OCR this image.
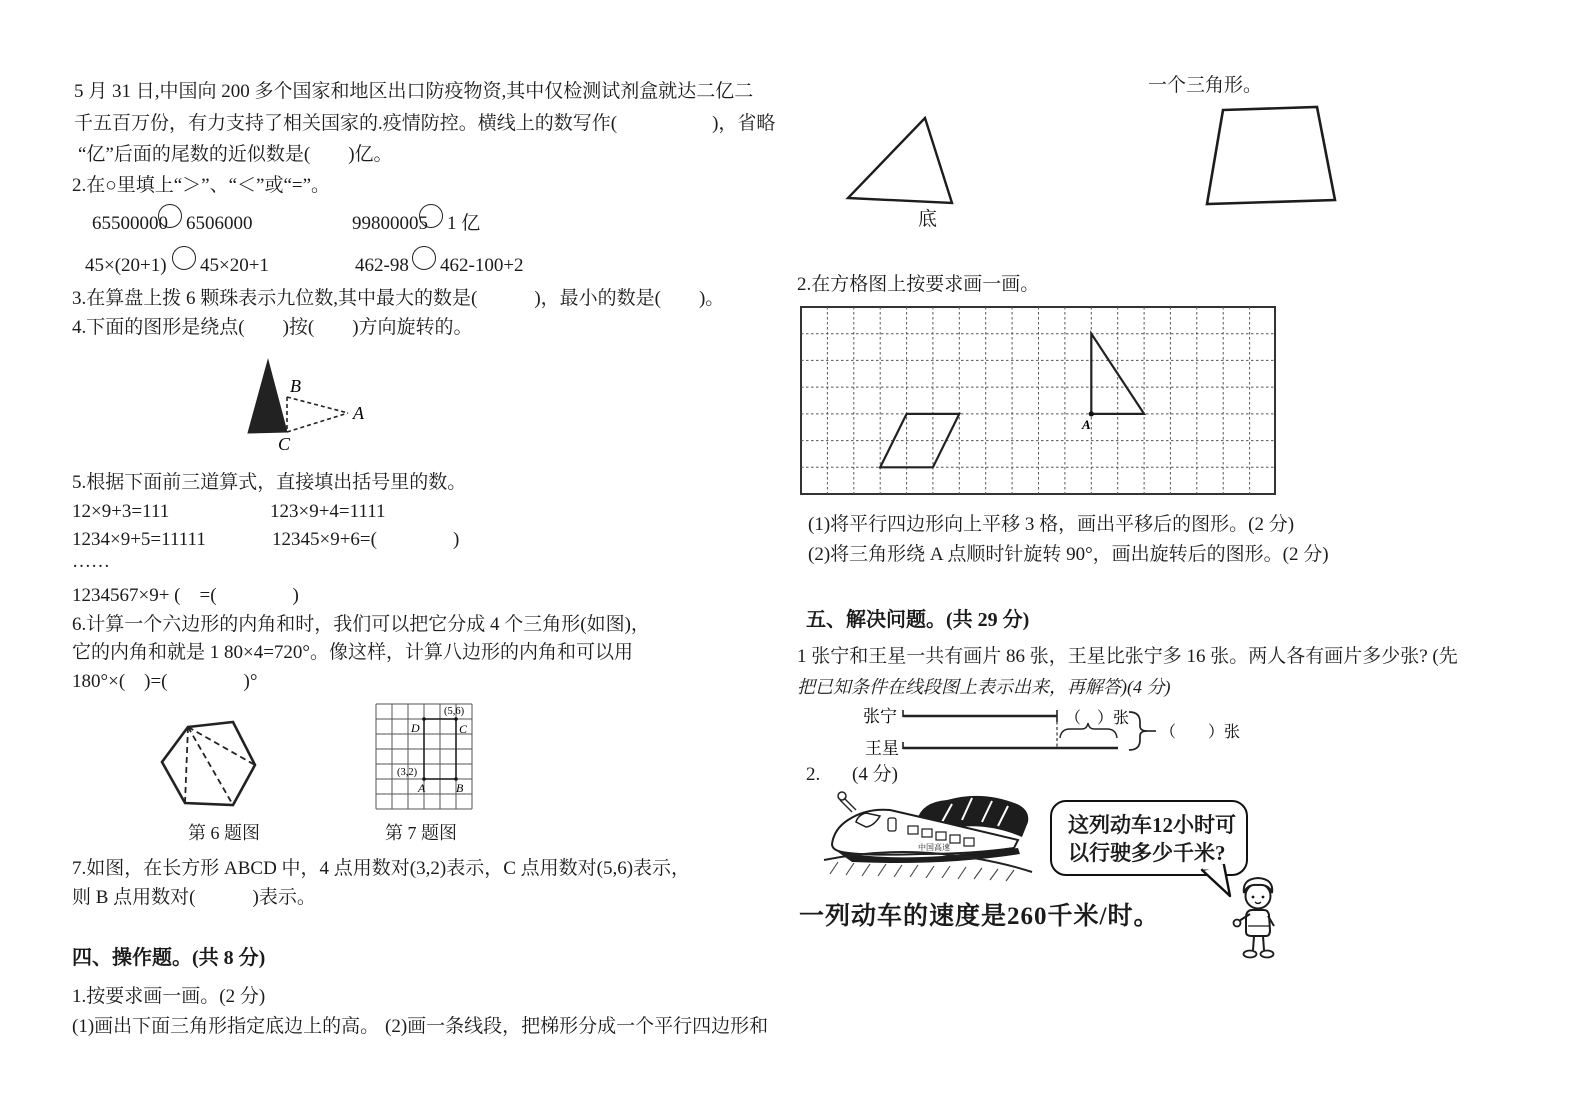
5 月 31 日,中国向 200 多个国家和地区出口防疫物资,其中仅检测试剂盒就达二亿二
千五百万份，有力支持了相关国家的.疫情防控。横线上的数写作(　　　　　)，省略
“亿”后面的尾数的近似数是(　　)亿。
2.在○里填上“＞”、“＜”或“=”。
65500000 6506000	99800005 1 亿
45×(20+1) 45×20+1	462-98 462-100+2
3.在算盘上拨 6 颗珠表示九位数,其中最大的数是(　　　)，最小的数是(　　)。
4.下面的图形是绕点(　　)按(　　)方向旋转的。
B
A
C
5.根据下面前三道算式，直接填出括号里的数。
12×9+3=111	123×9+4=1111
1234×9+5=11111	12345×9+6=(　　　　)
……
1234567×9+ (　=(　　　　)
6.计算一个六边形的内角和时，我们可以把它分成 4 个三角形(如图)，
它的内角和就是 1 80×4=720°。像这样，计算八边形的内角和可以用
180°×(　)=(　　　　)°
(5,6)
D	C
(3,2)
A	B
第 6 题图	第 7 题图
7.如图，在长方形 ABCD 中，4 点用数对(3,2)表示，C 点用数对(5,6)表示，
则 B 点用数对(　　　)表示。
四、操作题。(共 8 分)
1.按要求画一画。(2 分)
(1)画出下面三角形指定底边上的高。 (2)画一条线段，把梯形分成一个平行四边形和
一个三角形。
底
2.在方格图上按要求画一画。
A
(1)将平行四边形向上平移 3 格，画出平移后的图形。(2 分)
(2)将三角形绕 A 点顺时针旋转 90°，画出旋转后的图形。(2 分)
五、解决问题。(共 29 分)
1 张宁和王星一共有画片 86 张，王星比张宁多 16 张。两人各有画片多少张? (先
把已知条件在线段图上表示出来，再解答)(4 分)
张宁
王星
（　）张
（　　）张
2. (4 分)
中国高速
这列动车12小时可
以行驶多少千米?
一列动车的速度是260千米/时。
